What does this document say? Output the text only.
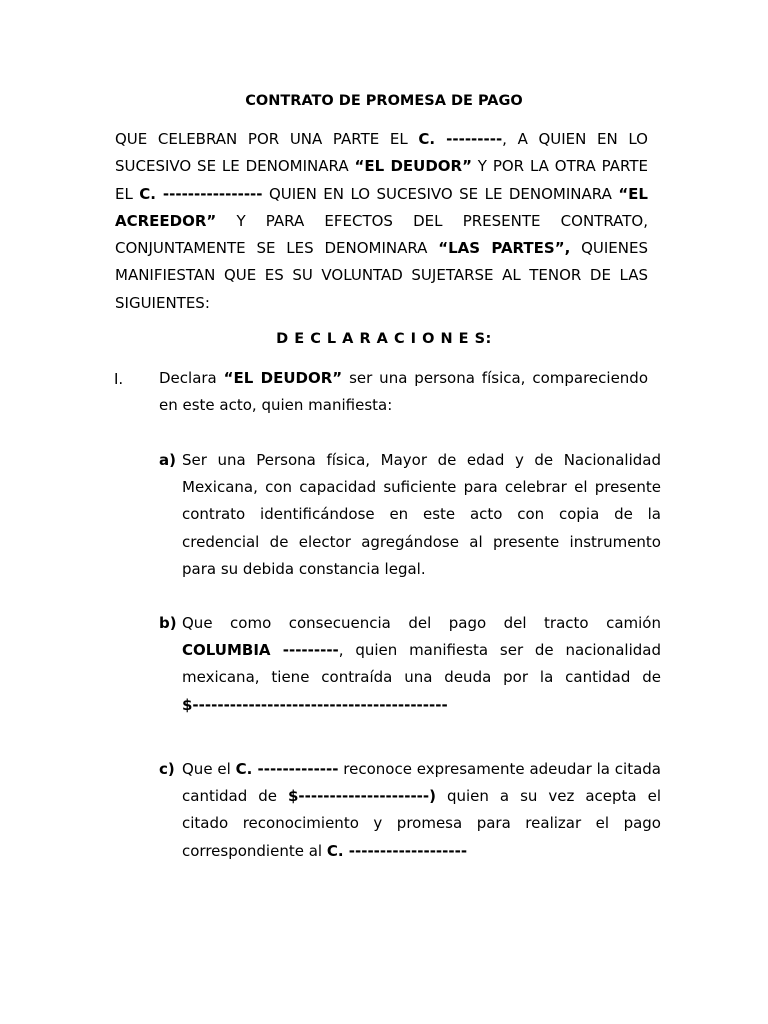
CONTRATO DE PROMESA DE PAGO

QUE CELEBRAN POR UNA PARTE EL C. ---------, A QUIEN EN LO SUCESIVO SE LE DENOMINARA “EL DEUDOR” Y POR LA OTRA PARTE EL C. ---------------- QUIEN EN LO SUCESIVO SE LE DENOMINARA “EL ACREEDOR” Y PARA EFECTOS DEL PRESENTE CONTRATO, CONJUNTAMENTE SE LES DENOMINARA “LAS PARTES”, QUIENES MANIFIESTAN QUE ES SU VOLUNTAD SUJETARSE AL TENOR DE LAS SIGUIENTES:

D E C L A R A C I O N E S:
I. Declara “EL DEUDOR” ser una persona física, compareciendo en este acto, quien manifiesta:

a) Ser una Persona física, Mayor de edad y de Nacionalidad Mexicana, con capacidad suficiente para celebrar el presente contrato identificándose en este acto con copia de la credencial de elector agregándose al presente instrumento para su debida constancia legal.

b) Que como consecuencia del pago del tracto camión COLUMBIA ---------, quien manifiesta ser de nacionalidad mexicana, tiene contraída una deuda por la cantidad de $-----------------------------------------

c) Que el C. ------------- reconoce expresamente adeudar la citada cantidad de $---------------------) quien a su vez acepta el citado reconocimiento y promesa para realizar el pago correspondiente al C. -------------------
